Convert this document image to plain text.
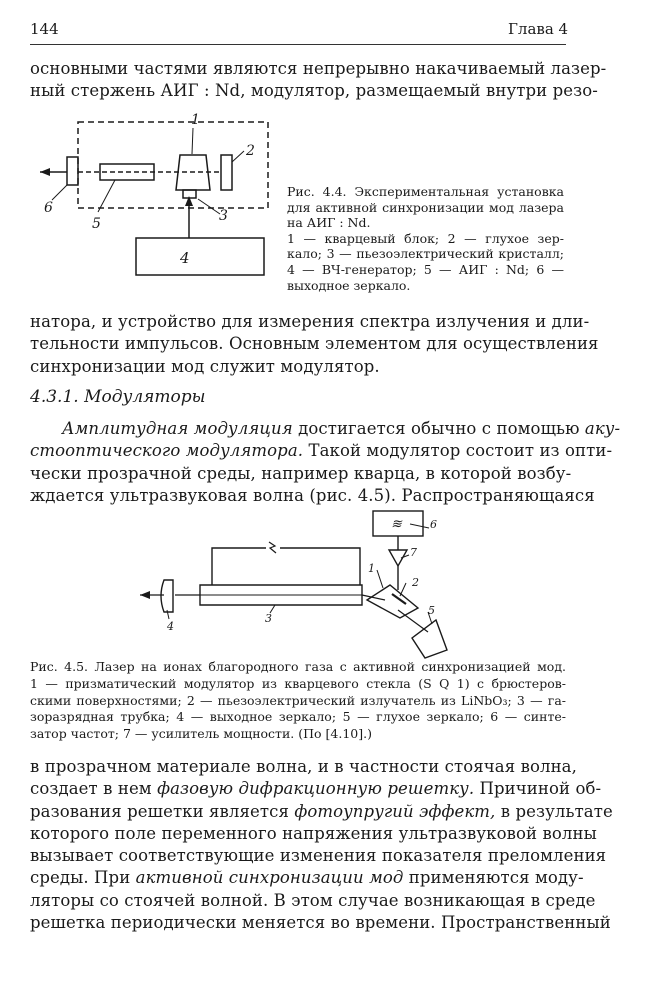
144	Глава 4
основными частями являются непрерывно накачиваемый лазер-
ный стержень АИГ : Nd, модулятор, размещаемый внутри резо-
1
2
3
4
5
6
Рис. 4.4. Экспериментальная установка
для активной синхронизации мод лазера
на АИГ : Nd.
1 — кварцевый блок; 2 — глухое зер-
кало; 3 — пьезоэлектрический кристалл;
4 — ВЧ-генератор; 5 — АИГ : Nd; 6 —
выходное зеркало.
натора, и устройство для измерения спектра излучения и дли-
тельности импульсов. Основным элементом для осуществления
синхронизации мод служит модулятор.
4.3.1. Модуляторы
Амплитудная модуляция достигается обычно с помощью аку-
стооптического модулятора. Такой модулятор состоит из опти-
чески прозрачной среды, например кварца, в которой возбу-
ждается ультразвуковая волна (рис. 4.5). Распространяющаяся
≋	6
7
1
2
3
4
5
Рис. 4.5. Лазер на ионах благородного газа с активной синхронизацией мод.
1 — призматический модулятор из кварцевого стекла (S Q 1) с брюстеров-
скими поверхностями; 2 — пьезоэлектрический излучатель из LiNbO₃; 3 — га-
зоразрядная трубка; 4 — выходное зеркало; 5 — глухое зеркало; 6 — синте-
затор частот; 7 — усилитель мощности. (По [4.10].)
в прозрачном материале волна, и в частности стоячая волна,
создает в нем фазовую дифракционную решетку. Причиной об-
разования решетки является фотоупругий эффект, в результате
которого поле переменного напряжения ультразвуковой волны
вызывает соответствующие изменения показателя преломления
среды. При активной синхронизации мод применяются моду-
ляторы со стоячей волной. В этом случае возникающая в среде
решетка периодически меняется во времени. Пространственный
